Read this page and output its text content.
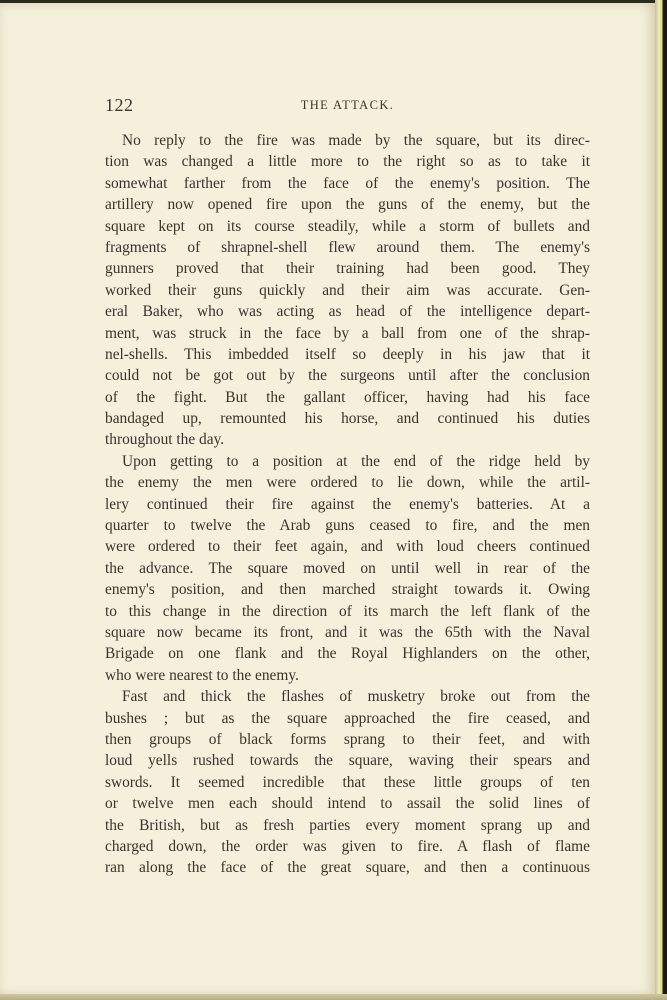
122	THE ATTACK.
No reply to the fire was made by the square, but its direc-
tion was changed a little more to the right so as to take it
somewhat farther from the face of the enemy's position. The
artillery now opened fire upon the guns of the enemy, but the
square kept on its course steadily, while a storm of bullets and
fragments of shrapnel-shell flew around them. The enemy's
gunners proved that their training had been good. They
worked their guns quickly and their aim was accurate. Gen-
eral Baker, who was acting as head of the intelligence depart-
ment, was struck in the face by a ball from one of the shrap-
nel-shells. This imbedded itself so deeply in his jaw that it
could not be got out by the surgeons until after the conclusion
of the fight. But the gallant officer, having had his face
bandaged up, remounted his horse, and continued his duties
throughout the day.
Upon getting to a position at the end of the ridge held by
the enemy the men were ordered to lie down, while the artil-
lery continued their fire against the enemy's batteries. At a
quarter to twelve the Arab guns ceased to fire, and the men
were ordered to their feet again, and with loud cheers continued
the advance. The square moved on until well in rear of the
enemy's position, and then marched straight towards it. Owing
to this change in the direction of its march the left flank of the
square now became its front, and it was the 65th with the Naval
Brigade on one flank and the Royal Highlanders on the other,
who were nearest to the enemy.
Fast and thick the flashes of musketry broke out from the
bushes ; but as the square approached the fire ceased, and
then groups of black forms sprang to their feet, and with
loud yells rushed towards the square, waving their spears and
swords. It seemed incredible that these little groups of ten
or twelve men each should intend to assail the solid lines of
the British, but as fresh parties every moment sprang up and
charged down, the order was given to fire. A flash of flame
ran along the face of the great square, and then a continuous
